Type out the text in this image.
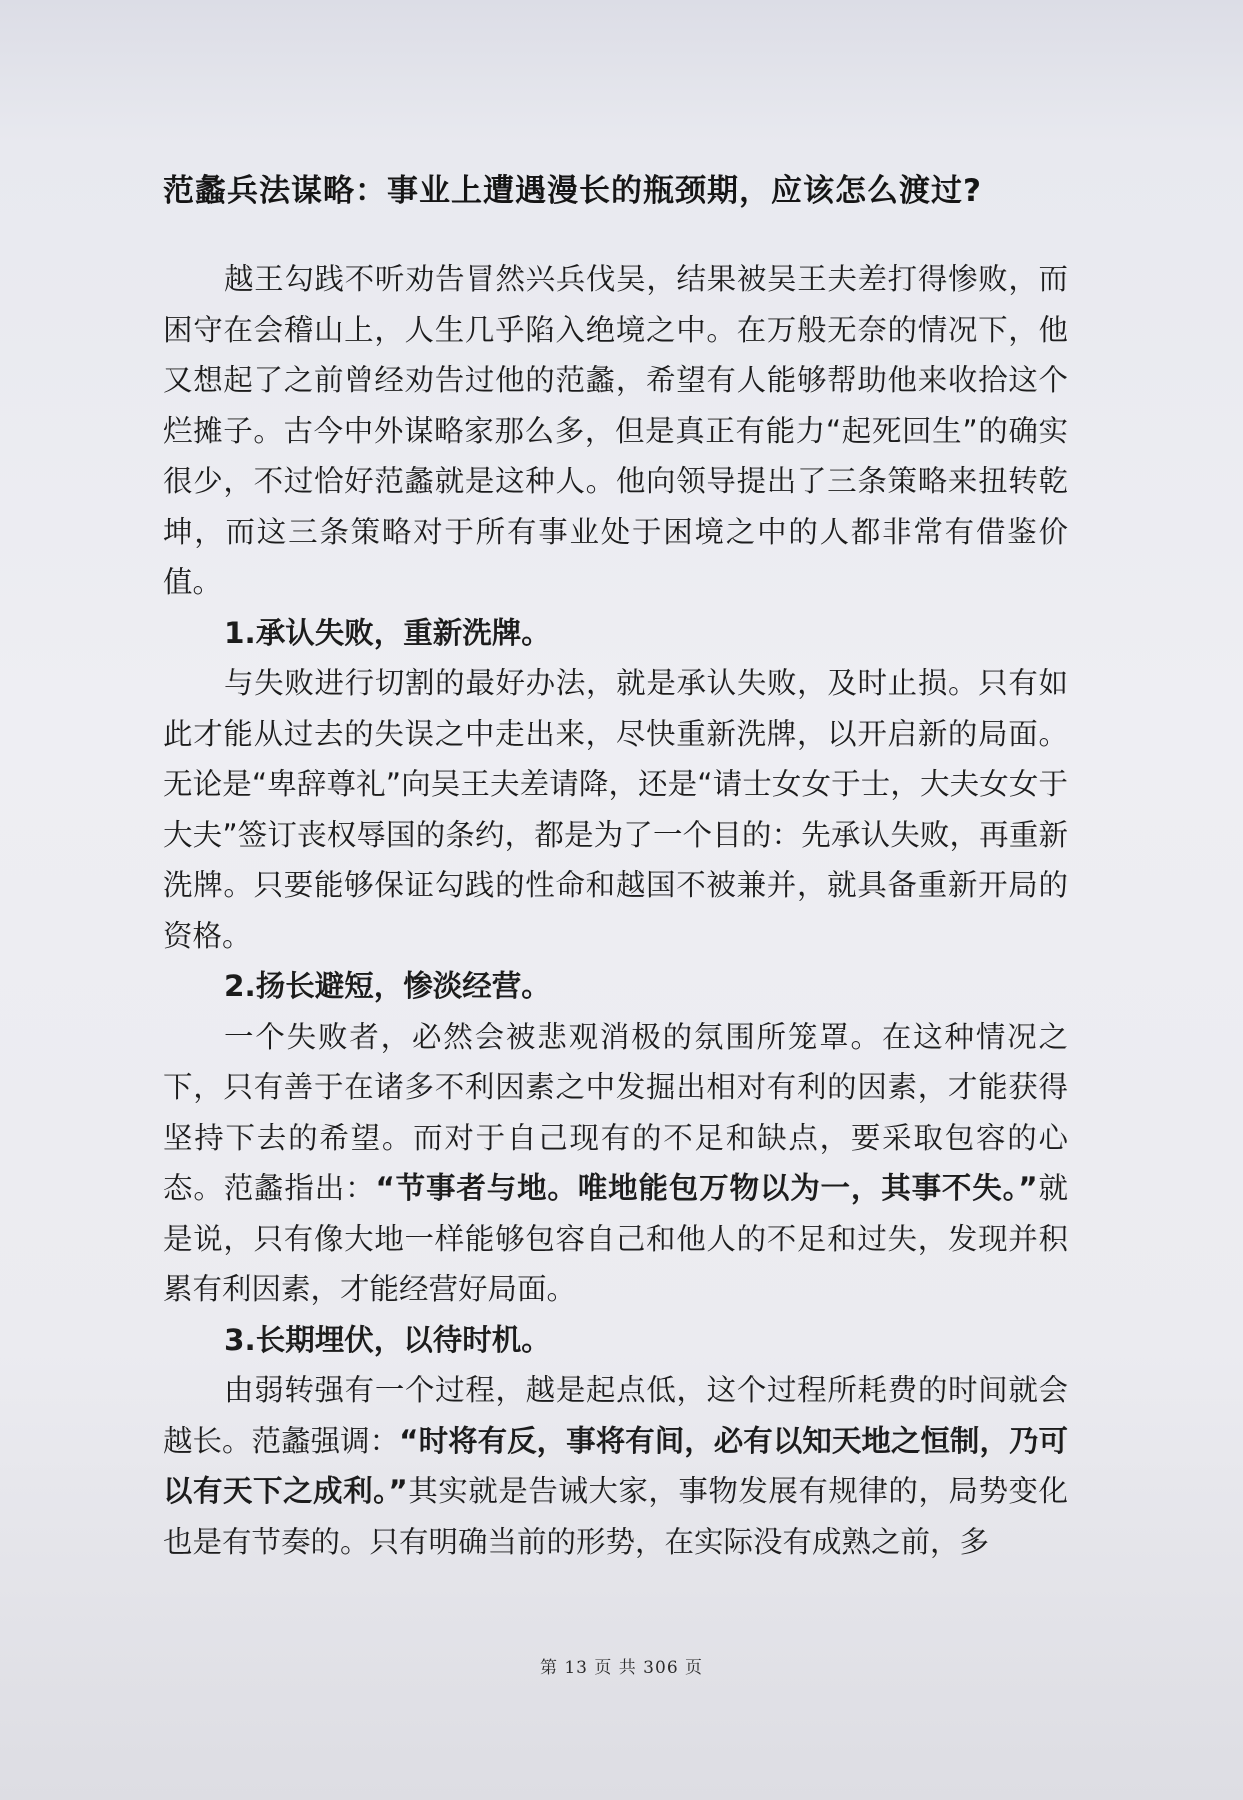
范蠡兵法谋略：事业上遭遇漫长的瓶颈期，应该怎么渡过?

越王勾践不听劝告冒然兴兵伐吴，结果被吴王夫差打得惨败，而困守在会稽山上，人生几乎陷入绝境之中。在万般无奈的情况下，他又想起了之前曾经劝告过他的范蠡，希望有人能够帮助他来收拾这个烂摊子。古今中外谋略家那么多，但是真正有能力“起死回生”的确实很少，不过恰好范蠡就是这种人。他向领导提出了三条策略来扭转乾坤，而这三条策略对于所有事业处于困境之中的人都非常有借鉴价值。

1.承认失败，重新洗牌。

与失败进行切割的最好办法，就是承认失败，及时止损。只有如此才能从过去的失误之中走出来，尽快重新洗牌，以开启新的局面。无论是“卑辞尊礼”向吴王夫差请降，还是“请士女女于士，大夫女女于大夫”签订丧权辱国的条约，都是为了一个目的：先承认失败，再重新洗牌。只要能够保证勾践的性命和越国不被兼并，就具备重新开局的资格。

2.扬长避短，惨淡经营。

一个失败者，必然会被悲观消极的氛围所笼罩。在这种情况之下，只有善于在诸多不利因素之中发掘出相对有利的因素，才能获得坚持下去的希望。而对于自己现有的不足和缺点，要采取包容的心态。范蠡指出：“节事者与地。唯地能包万物以为一，其事不失。”就是说，只有像大地一样能够包容自己和他人的不足和过失，发现并积累有利因素，才能经营好局面。

3.长期埋伏，以待时机。

由弱转强有一个过程，越是起点低，这个过程所耗费的时间就会越长。范蠡强调：“时将有反，事将有间，必有以知天地之恒制，乃可以有天下之成利。”其实就是告诫大家，事物发展有规律的，局势变化也是有节奏的。只有明确当前的形势，在实际没有成熟之前，多

第 13 页 共 306 页
